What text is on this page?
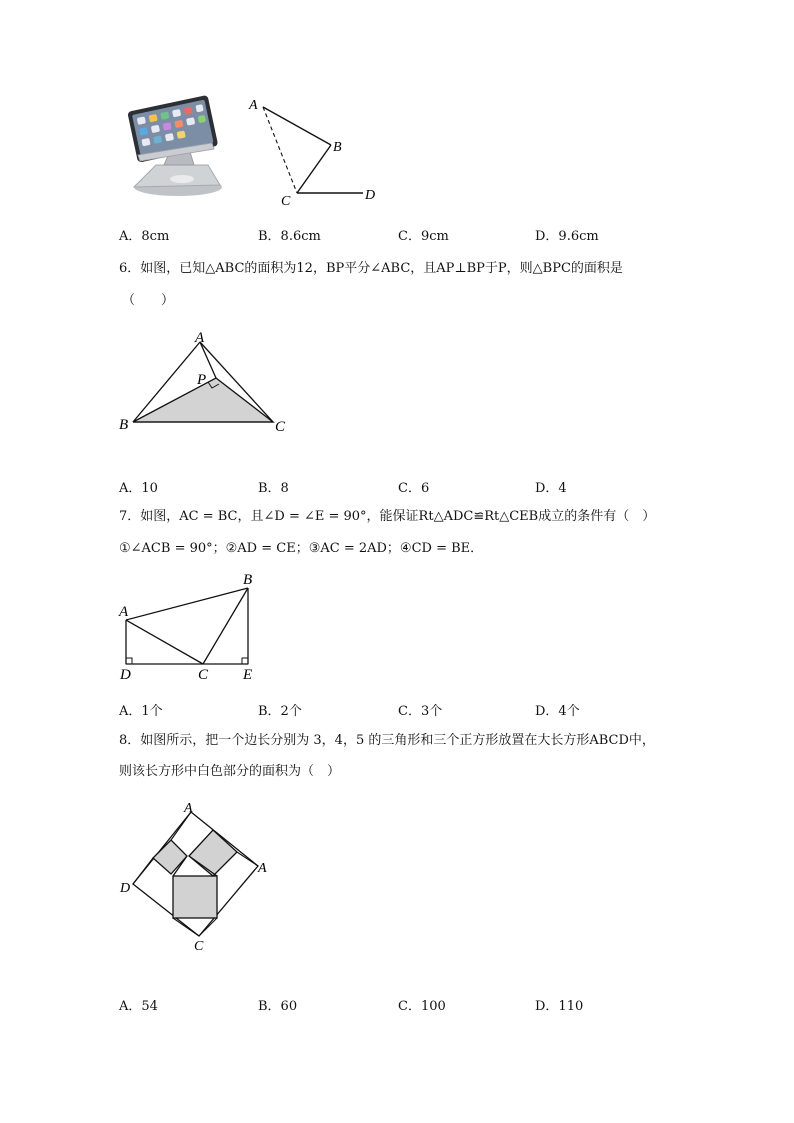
A
B
C	D
A．8cm	B．8.6cm	C．9cm	D．9.6cm
6．如图，已知△ABC的面积为12，BP平分∠ABC，且AP⊥BP于P，则△BPC的面积是
（　　）
A
P
B	C
A．10	B．8	C．6	D．4
7．如图，AC = BC，且∠D = ∠E = 90°，能保证Rt△ADC≌Rt△CEB成立的条件有（　）
①∠ACB = 90°；②AD = CE；③AC = 2AD；④CD = BE．
A
B
D	C E
A．1个	B．2个	C．3个	D．4个
8．如图所示，把一个边长分别为 3，4，5 的三角形和三个正方形放置在大长方形ABCD中，
则该长方形中白色部分的面积为（　）
A
A
D
C
A．54	B．60	C．100	D．110
